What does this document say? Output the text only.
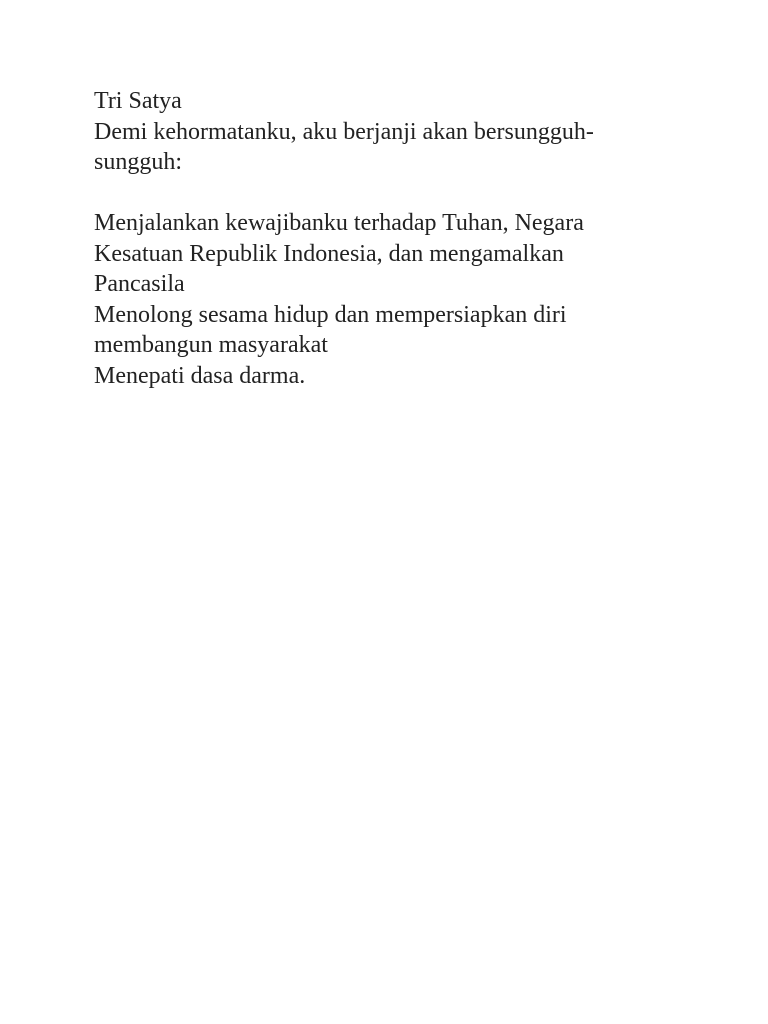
Tri Satya

Demi kehormatanku, aku berjanji akan bersungguh-sungguh:

Menjalankan kewajibanku terhadap Tuhan, Negara Kesatuan Republik Indonesia, dan mengamalkan Pancasila

Menolong sesama hidup dan mempersiapkan diri membangun masyarakat

Menepati dasa darma.
